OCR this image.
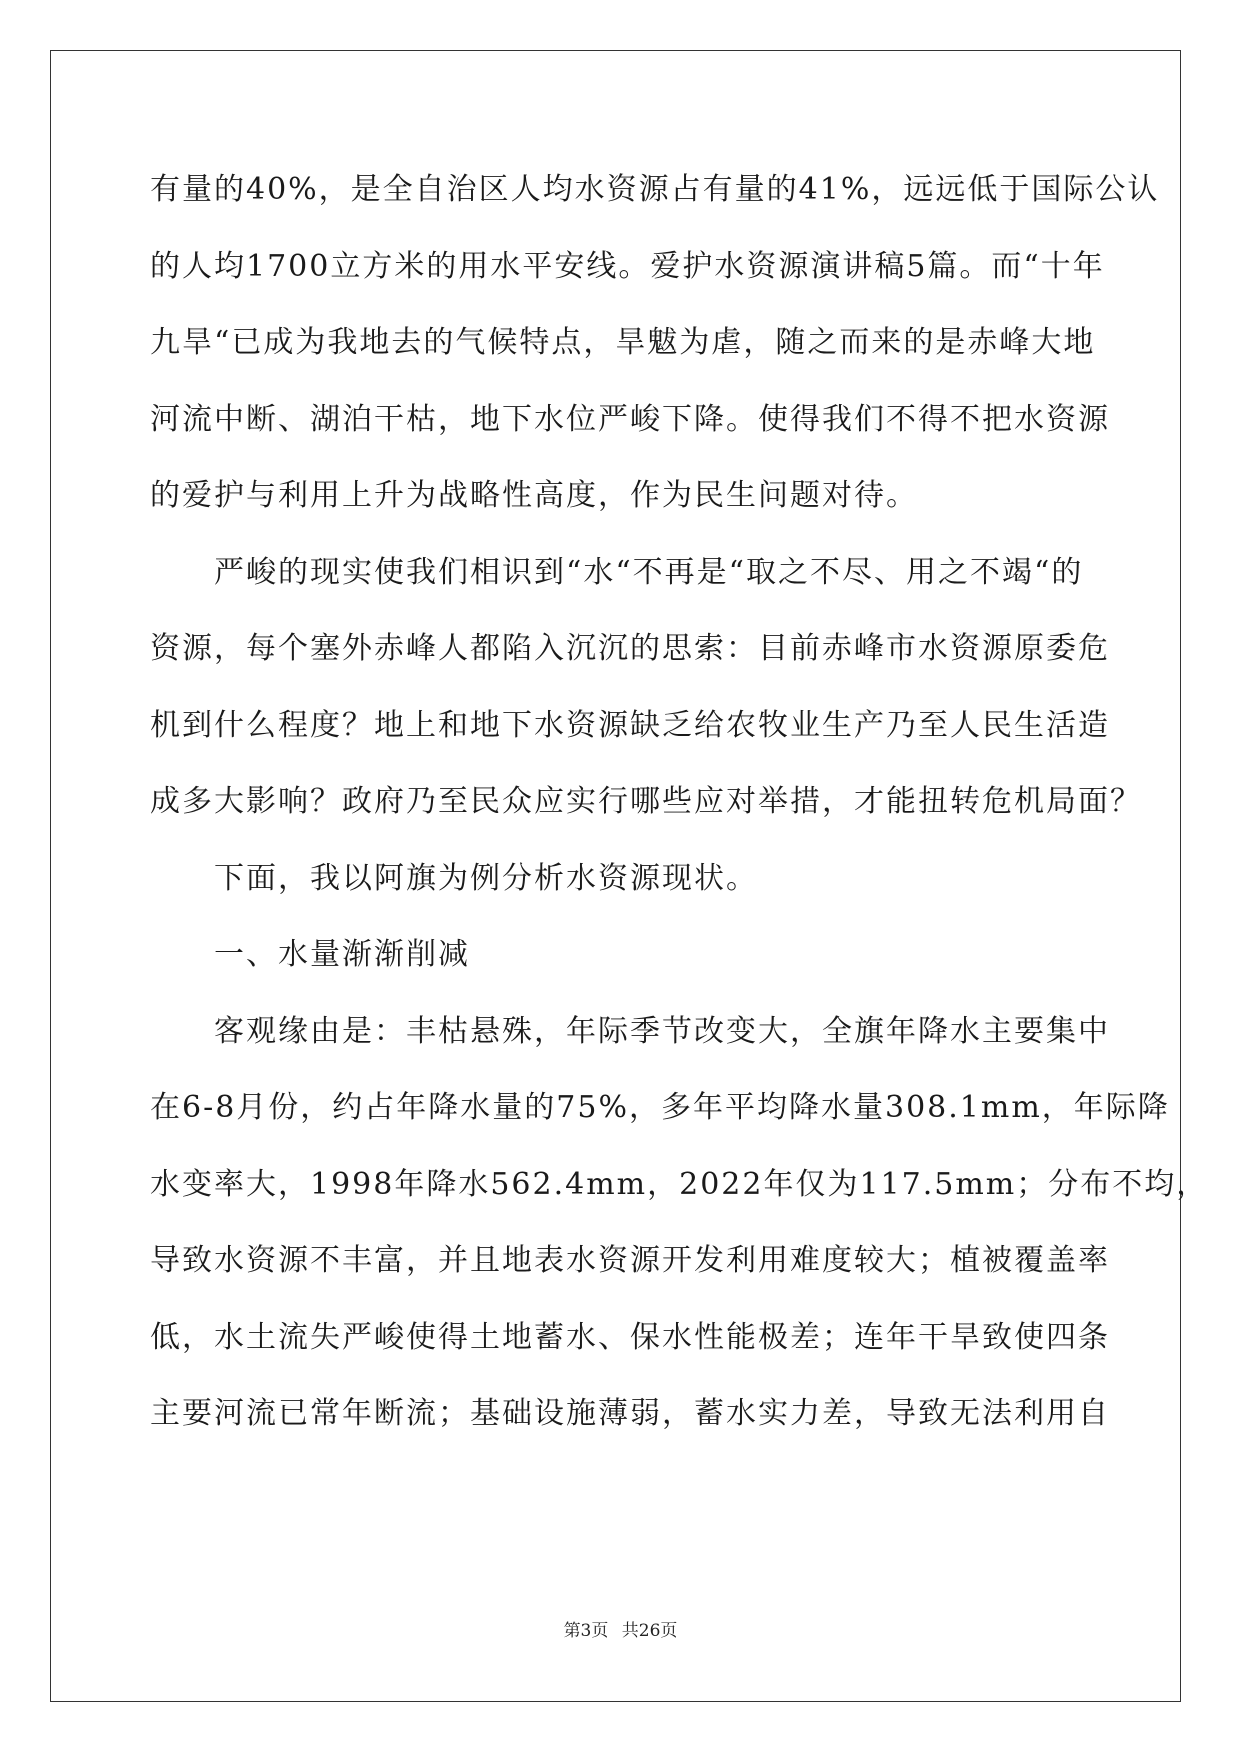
有量的40%，是全自治区人均水资源占有量的41%，远远低于国际公认
的人均1700立方米的用水平安线。爱护水资源演讲稿5篇。而“十年
九旱“已成为我地去的气候特点，旱魃为虐，随之而来的是赤峰大地
河流中断、湖泊干枯，地下水位严峻下降。使得我们不得不把水资源
的爱护与利用上升为战略性高度，作为民生问题对待。
　　严峻的现实使我们相识到“水“不再是“取之不尽、用之不竭“的
资源，每个塞外赤峰人都陷入沉沉的思索：目前赤峰市水资源原委危
机到什么程度？地上和地下水资源缺乏给农牧业生产乃至人民生活造
成多大影响？政府乃至民众应实行哪些应对举措，才能扭转危机局面？
　　下面，我以阿旗为例分析水资源现状。
　　一、水量渐渐削减
　　客观缘由是：丰枯悬殊，年际季节改变大，全旗年降水主要集中
在6-8月份，约占年降水量的75%，多年平均降水量308.1mm，年际降
水变率大，1998年降水562.4mm，2022年仅为117.5mm；分布不均，
导致水资源不丰富，并且地表水资源开发利用难度较大；植被覆盖率
低，水土流失严峻使得土地蓄水、保水性能极差；连年干旱致使四条
主要河流已常年断流；基础设施薄弱，蓄水实力差，导致无法利用自
第3页 共26页
